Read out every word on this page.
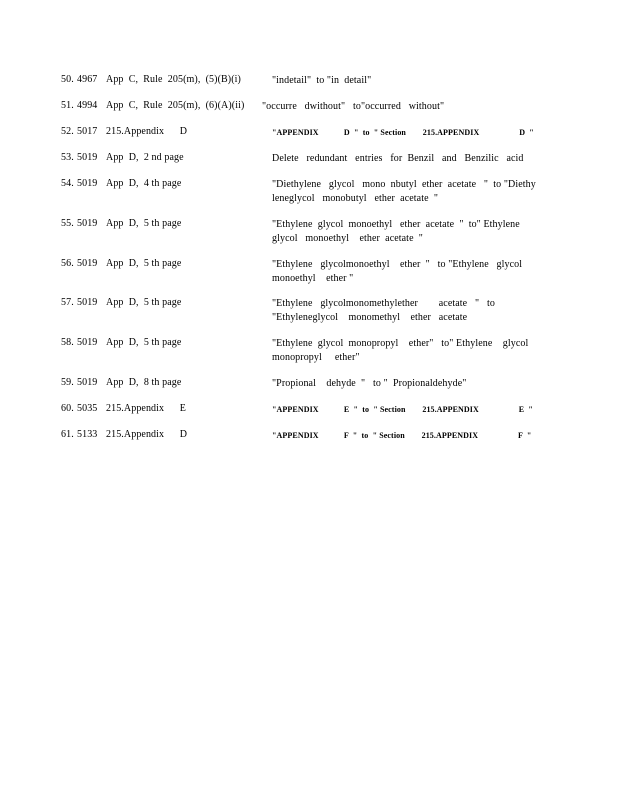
50. 4967 App  C,  Rule  205(m),  (5)(B)(i)	"indetail"  to "in  detail"
51. 4994 App  C,  Rule  205(m),  (6)(A)(ii) "occurre   dwithout"   to"occurred   without"
52. 5017 215.Appendix      D	"APPENDIX            D  "  to  " Section        215.APPENDIX                   D  "
53. 5019 App  D,  2 nd page	Delete   redundant   entries   for  Benzil   and   Benzilic   acid
54. 5019 App  D,  4 th page	"Diethylene   glycol   mono  nbutyl  ether  acetate   "  to "Diethy  leneglycol   monobutyl   ether  acetate  "
55. 5019 App  D,  5 th page	"Ethylene  glycol  monoethyl   ether  acetate  "  to" Ethylene glycol   monoethyl    ether  acetate  "
56. 5019 App  D,  5 th page	"Ethylene   glycolmonoethyl    ether  "   to "Ethylene   glycol monoethyl    ether "
57. 5019 App  D,  5 th page	"Ethylene   glycolmonomethylether        acetate   "   to "Ethyleneglycol    monomethyl    ether   acetate
58. 5019 App  D,  5 th page	"Ethylene  glycol  monopropyl    ether"   to" Ethylene    glycol monopropyl     ether"
59. 5019 App  D,  8 th page	"Propional    dehyde  "   to "  Propionaldehyde"
60. 5035 215.Appendix      E	"APPENDIX            E  "  to  " Section        215.APPENDIX                   E  "
61. 5133 215.Appendix      D	"APPENDIX            F  "  to  " Section        215.APPENDIX                   F  "
